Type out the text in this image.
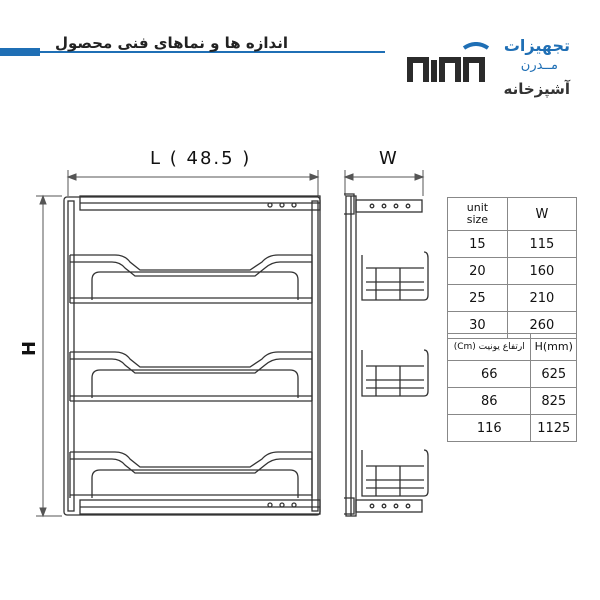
اندازه ها و نماهای فنی محصول	تجهیزات
مــدرن
آشپزخانه
L ( 48.5 )	W
H
unit
size	W
15	115
20	160
25	210
30	260
ارتفاع یونیت (Cm)	H(mm)
66	625
86	825
116	1125
